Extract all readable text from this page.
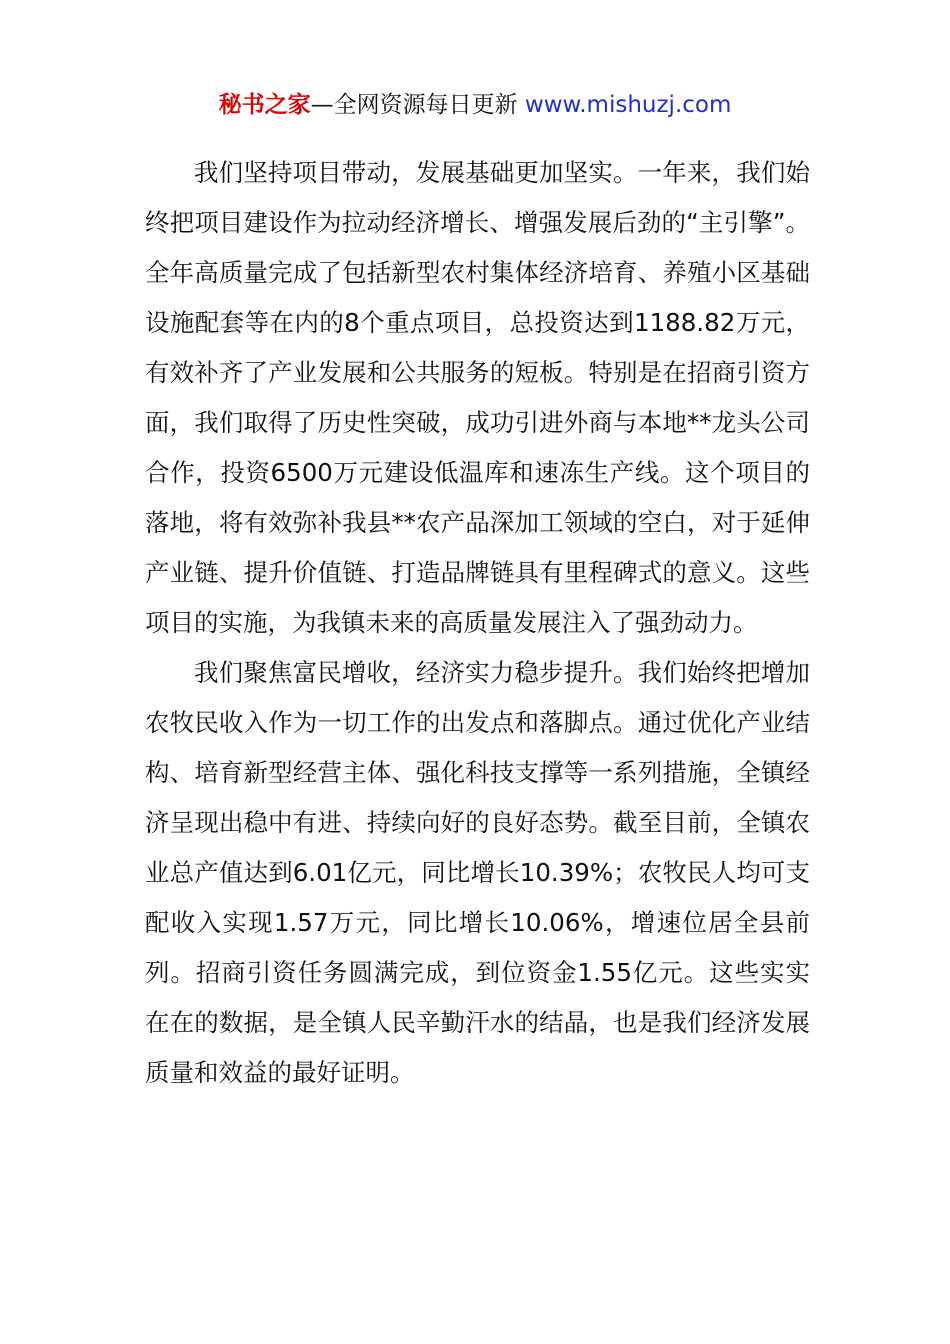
秘书之家—全网资源每日更新 www.mishuzj.com

我们坚持项目带动，发展基础更加坚实。一年来，我们始终把项目建设作为拉动经济增长、增强发展后劲的“主引擎”。全年高质量完成了包括新型农村集体经济培育、养殖小区基础设施配套等在内的8个重点项目，总投资达到1188.82万元，有效补齐了产业发展和公共服务的短板。特别是在招商引资方面，我们取得了历史性突破，成功引进外商与本地**龙头公司合作，投资6500万元建设低温库和速冻生产线。这个项目的落地，将有效弥补我县**农产品深加工领域的空白，对于延伸产业链、提升价值链、打造品牌链具有里程碑式的意义。这些项目的实施，为我镇未来的高质量发展注入了强劲动力。

我们聚焦富民增收，经济实力稳步提升。我们始终把增加农牧民收入作为一切工作的出发点和落脚点。通过优化产业结构、培育新型经营主体、强化科技支撑等一系列措施，全镇经济呈现出稳中有进、持续向好的良好态势。截至目前，全镇农业总产值达到6.01亿元，同比增长10.39%；农牧民人均可支配收入实现1.57万元，同比增长10.06%，增速位居全县前列。招商引资任务圆满完成，到位资金1.55亿元。这些实实在在的数据，是全镇人民辛勤汗水的结晶，也是我们经济发展质量和效益的最好证明。
